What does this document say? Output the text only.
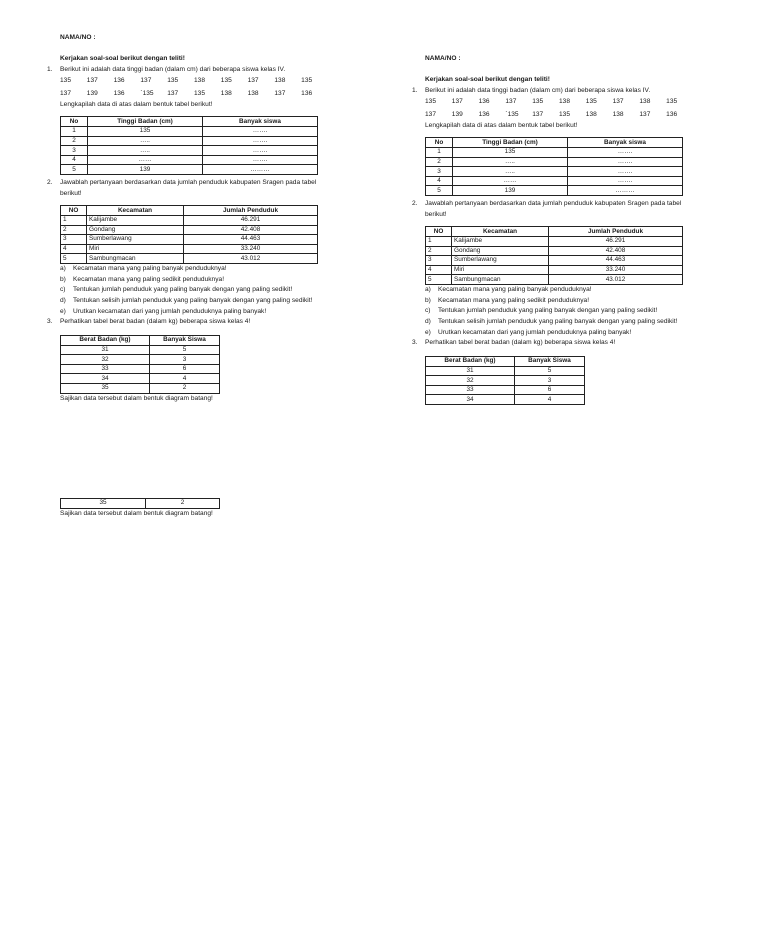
NAMA/NO :
Kerjakan soal-soal berikut dengan teliti!
1. Berikut ini adalah data tinggi badan (dalam cm) dari beberapa siswa kelas IV.
135	137	136	137	135	138	135	137	138	135
137	139	136	`135	137	135	138	138	137	136
Lengkapilah data di atas dalam bentuk tabel berikut!
No	Tinggi Badan (cm)	Banyak siswa
1	135	…….
2	…..	…….
3	…..	…….
4	……	…….
5	139	………
2. Jawablah pertanyaan berdasarkan data jumlah penduduk kabupaten Sragen pada tabel
berikut!
NO	Kecamatan	Jumlah Penduduk
1	Kalijambe	46.291
2	Gondang	42.408
3	Sumberlawang	44.463
4	Miri	33.240
5	Sambungmacan	43.012
a) Kecamatan mana yang paling banyak penduduknya!
b) Kecamatan mana yang paling sedikit penduduknya!
c) Tentukan jumlah penduduk yang paling banyak dengan yang paling sedikit!
d) Tentukan selisih jumlah penduduk yang paling banyak dengan yang paling sedikit!
e) Urutkan kecamatan dari yang jumlah penduduknya paling banyak!
3. Perhatikan tabel berat badan (dalam kg) beberapa siswa kelas 4!
Berat Badan (kg)	Banyak Siswa
31	5
32	3
33	6
34	4
35	2
Sajikan data tersebut dalam bentuk diagram batang!
35	2
Sajikan data tersebut dalam bentuk diagram batang!
NAMA/NO :
Kerjakan soal-soal berikut dengan teliti!
1. Berikut ini adalah data tinggi badan (dalam cm) dari beberapa siswa kelas IV.
135	137	136	137	135	138	135	137	138	135
137	139	136	`135	137	135	138	138	137	136
Lengkapilah data di atas dalam bentuk tabel berikut!
No	Tinggi Badan (cm)	Banyak siswa
1	135	…….
2	…..	…….
3	…..	…….
4	……	…….
5	139	………
2. Jawablah pertanyaan berdasarkan data jumlah penduduk kabupaten Sragen pada tabel
berikut!
NO	Kecamatan	Jumlah Penduduk
1	Kalijambe	46.291
2	Gondang	42.408
3	Sumberlawang	44.463
4	Miri	33.240
5	Sambungmacan	43.012
a) Kecamatan mana yang paling banyak penduduknya!
b) Kecamatan mana yang paling sedikit penduduknya!
c) Tentukan jumlah penduduk yang paling banyak dengan yang paling sedikit!
d) Tentukan selisih jumlah penduduk yang paling banyak dengan yang paling sedikit!
e) Urutkan kecamatan dari yang jumlah penduduknya paling banyak!
3. Perhatikan tabel berat badan (dalam kg) beberapa siswa kelas 4!
Berat Badan (kg)	Banyak Siswa
31	5
32	3
33	6
34	4
